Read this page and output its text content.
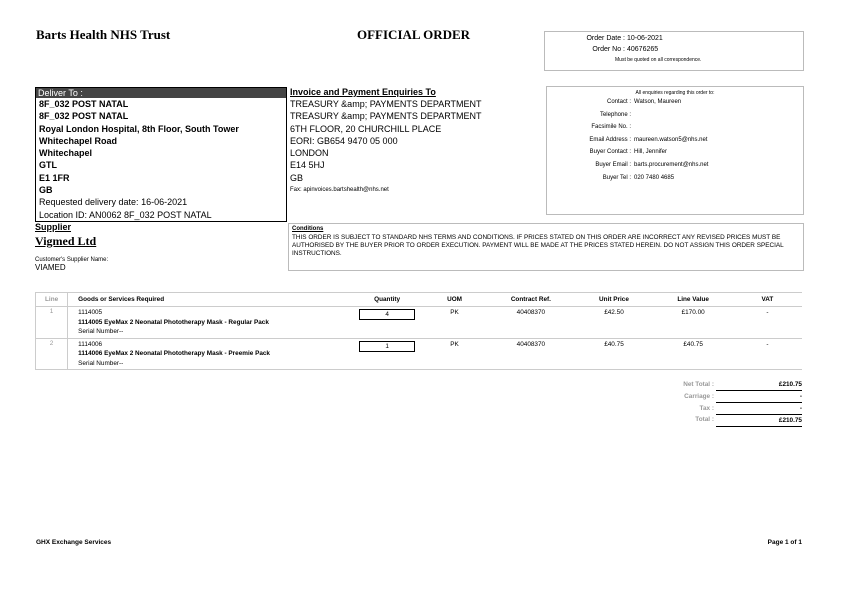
Barts Health NHS Trust	OFFICIAL ORDER	Order Date : 10-06-2021
Order No : 40676265
Must be quoted on all correspondence.
Deliver To :
8F_032 POST NATAL
8F_032 POST NATAL
Royal London Hospital, 8th Floor, South Tower
Whitechapel Road
Whitechapel
GTL
E1 1FR
GB
Requested delivery date: 16-06-2021
Location ID: AN0062 8F_032 POST NATAL
Invoice and Payment Enquiries To
TREASURY &amp; PAYMENTS DEPARTMENT
TREASURY &amp; PAYMENTS DEPARTMENT
6TH FLOOR, 20 CHURCHILL PLACE
EORI: GB654 9470 05 000
LONDON
E14 5HJ
GB
Fax: apinvoices.bartshealth@nhs.net
All enquiries regarding this order to:
Contact : Watson, Maureen
Telephone :
Facsimile No. :
Email Address : maureen.watson5@nhs.net
Buyer Contact : Hill, Jennifer
Buyer Email : barts.procurement@nhs.net
Buyer Tel : 020 7480 4685
Supplier
Vigmed Ltd
Customer's Supplier Name:
VIAMED
Conditions
THIS ORDER IS SUBJECT TO STANDARD NHS TERMS AND CONDITIONS. IF PRICES STATED ON THIS ORDER ARE INCORRECT ANY REVISED PRICES MUST BE AUTHORISED BY THE BUYER PRIOR TO ORDER EXECUTION. PAYMENT WILL BE MADE AT THE PRICES STATED HEREIN. DO NOT ASSIGN THIS ORDER SPECIAL INSTRUCTIONS.
Line	Goods or Services Required	Quantity	UOM	Contract Ref.	Unit Price	Line Value	VAT
1	1114005
1114005 EyeMax 2 Neonatal Phototherapy Mask - Regular Pack
Serial Number--	4	PK	40408370	£42.50	£170.00	-
2	1114006
1114006 EyeMax 2 Neonatal Phototherapy Mask - Preemie Pack
Serial Number--	1	PK	40408370	£40.75	£40.75	-
Net Total :	£210.75
Carriage :	-
Tax :	-
Total :	£210.75
GHX Exchange Services	Page 1 of 1
